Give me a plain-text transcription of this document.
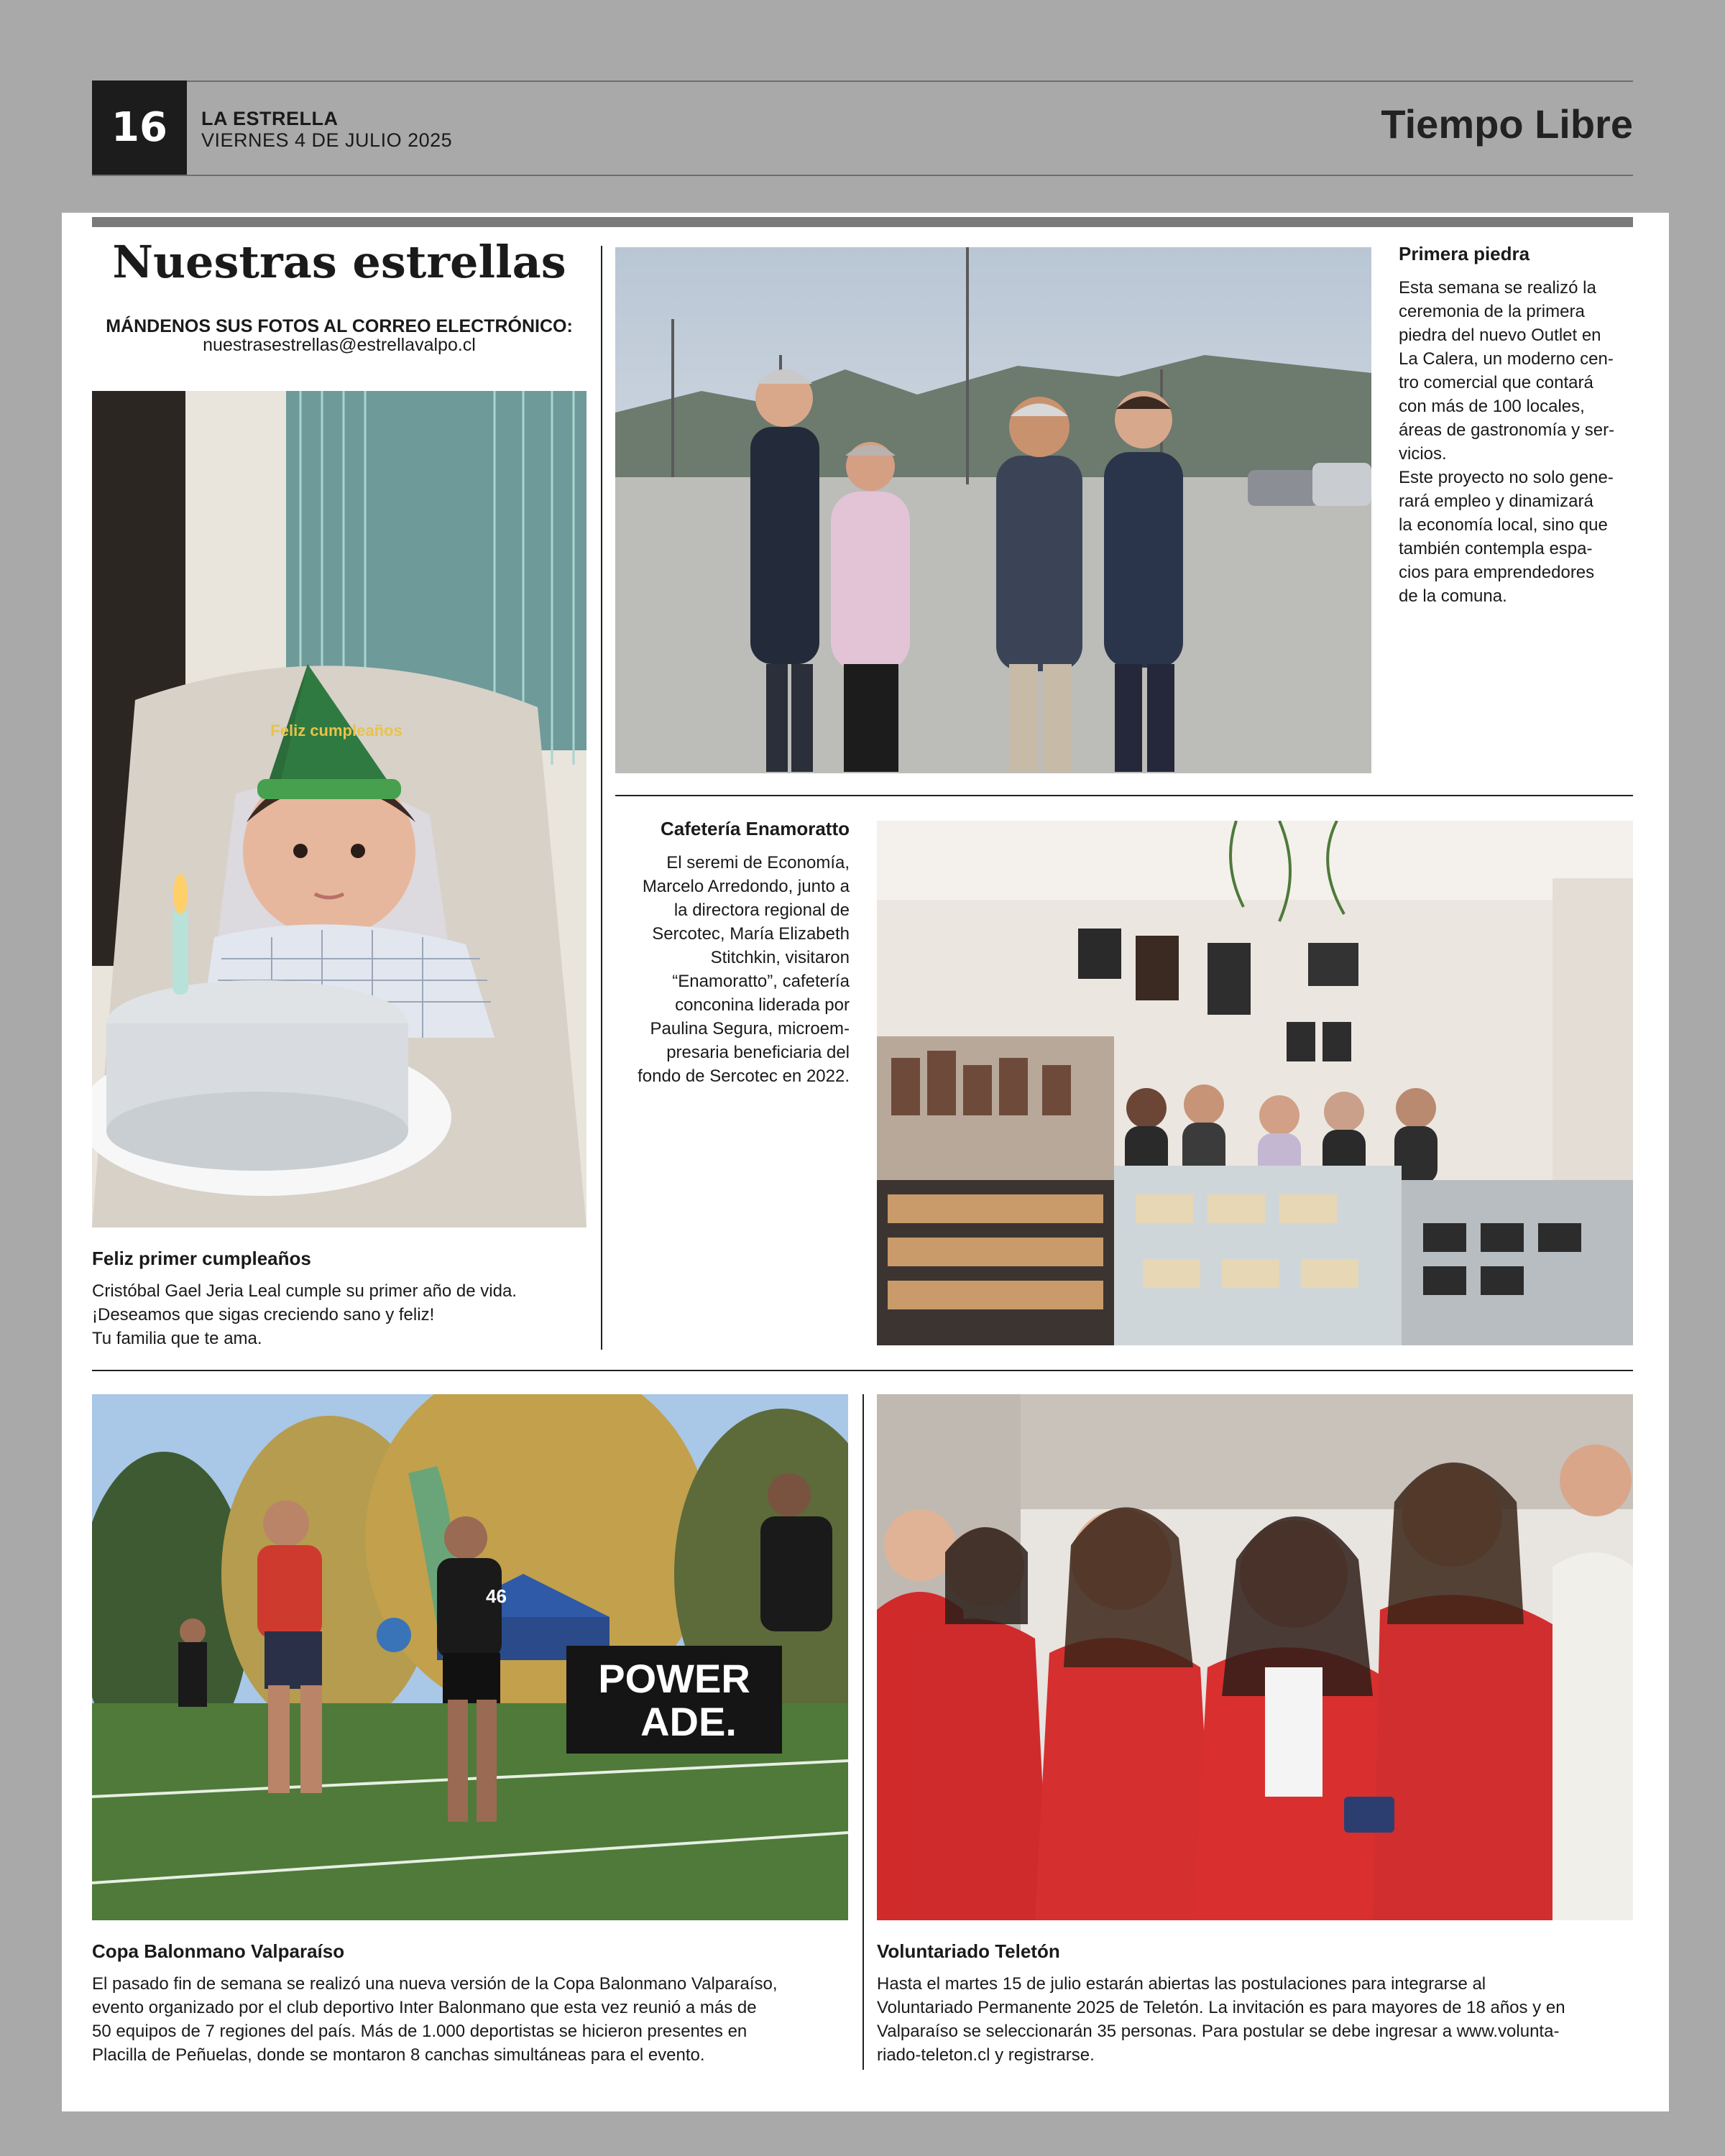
16	LA ESTRELLA
VIERNES 4 DE JULIO 2025	Tiempo Libre
Nuestras estrellas
MÁNDENOS SUS FOTOS AL CORREO ELECTRÓNICO:
nuestrasestrellas@estrellavalpo.cl
Feliz cumpleaños
Feliz primer cumpleaños
Cristóbal Gael Jeria Leal cumple su primer año de vida.
¡Deseamos que sigas creciendo sano y feliz!
Tu familia que te ama.
Primera piedra
Esta semana se realizó la
ceremonia de la primera
piedra del nuevo Outlet en
La Calera, un moderno cen-
tro comercial que contará
con más de 100 locales,
áreas de gastronomía y ser-
vicios.
Este proyecto no solo gene-
rará empleo y dinamizará
la economía local, sino que
también contempla espa-
cios para emprendedores
de la comuna.
Cafetería Enamoratto
El seremi de Economía,
Marcelo Arredondo, junto a
la directora regional de
Sercotec, María Elizabeth
Stitchkin, visitaron
“Enamoratto”, cafetería
conconina liderada por
Paulina Segura, microem-
presaria beneficiaria del
fondo de Sercotec en 2022.
POWER
ADE.
46
Copa Balonmano Valparaíso
El pasado fin de semana se realizó una nueva versión de la Copa Balonmano Valparaíso,
evento organizado por el club deportivo Inter Balonmano que esta vez reunió a más de
50 equipos de 7 regiones del país. Más de 1.000 deportistas se hicieron presentes en
Placilla de Peñuelas, donde se montaron 8 canchas simultáneas para el evento.
Voluntariado Teletón
Hasta el martes 15 de julio estarán abiertas las postulaciones para integrarse al
Voluntariado Permanente 2025 de Teletón. La invitación es para mayores de 18 años y en
Valparaíso se seleccionarán 35 personas. Para postular se debe ingresar a www.volunta-
riado-teleton.cl y registrarse.
